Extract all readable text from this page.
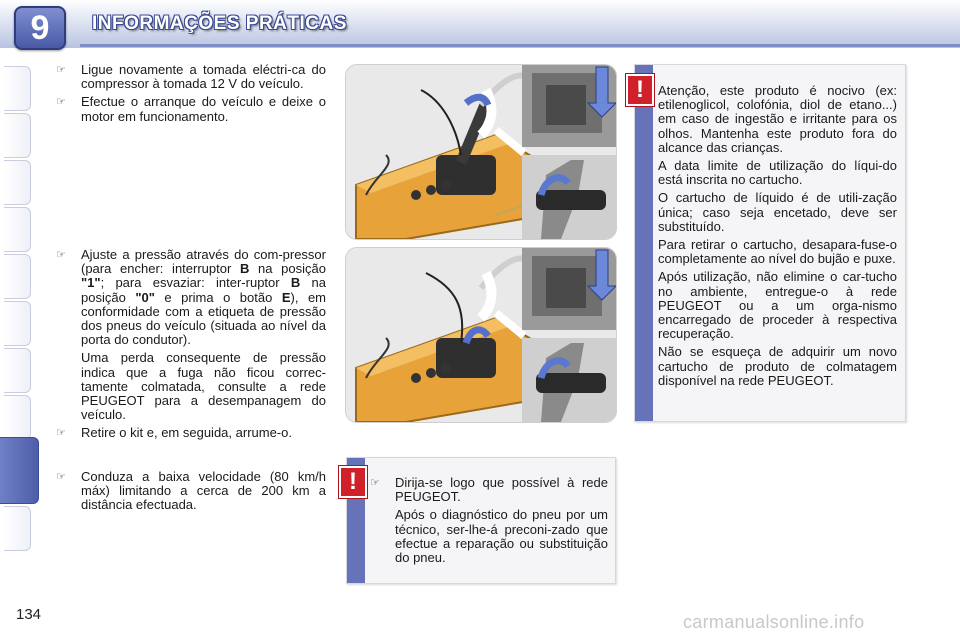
9	INFORMAÇÕES PRÁTICAS
☞ Ligue novamente a tomada eléctri-ca do compressor à tomada 12 V do veículo.
☞ Efectue o arranque do veículo e deixe o motor em funcionamento.
☞ Ajuste a pressão através do com-pressor (para encher: interruptor B na posição "1"; para esvaziar: inter-ruptor B na posição "0" e prima o botão E), em conformidade com a etiqueta de pressão dos pneus do veículo (situada ao nível da porta do condutor).
Uma perda consequente de pressão indica que a fuga não ficou correc-tamente colmatada, consulte a rede PEUGEOT para a desempanagem do veículo.
☞ Retire o kit e, em seguida, arrume-o.
☞ Conduza a baixa velocidade (80 km/h máx) limitando a cerca de 200 km a distância efectuada.
!	Atenção, este produto é nocivo (ex: etilenoglicol, colofónia, diol de etano...) em caso de ingestão e irritante para os olhos. Mantenha este produto fora do alcance das crianças.
A data limite de utilização do líqui-do está inscrita no cartucho.
O cartucho de líquido é de utili-zação única; caso seja encetado, deve ser substituído.
Para retirar o cartucho, desapara-fuse-o completamente ao nível do bujão e puxe.
Após utilização, não elimine o car-tucho no ambiente, entregue-o à rede PEUGEOT ou a um orga-nismo encarregado de proceder à respectiva recuperação.
Não se esqueça de adquirir um novo cartucho de produto de colmatagem disponível na rede PEUGEOT.
!	☞ Dirija-se logo que possível à rede PEUGEOT.
Após o diagnóstico do pneu por um técnico, ser-lhe-á preconi-zado que efectue a reparação ou substituição do pneu.
134	carmanualsonline.info
